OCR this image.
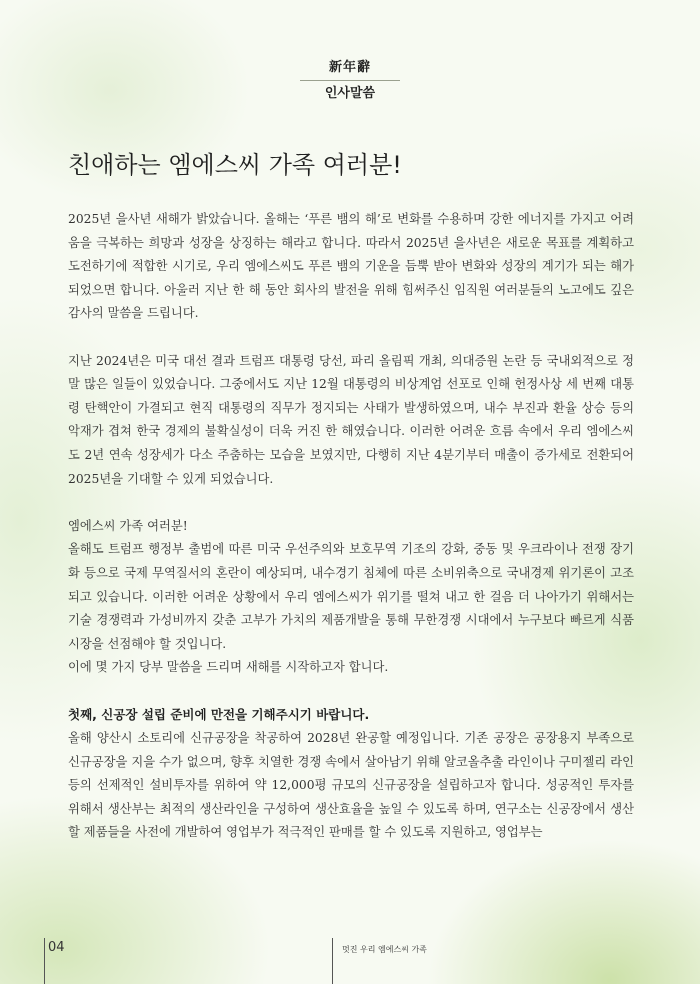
新年辭
인사말씀
친애하는 엠에스씨 가족 여러분!

2025년 을사년 새해가 밝았습니다. 올해는 ‘푸른 뱀의 해’로 변화를 수용하며 강한 에너지를 가지고 어려움을 극복하는 희망과 성장을 상징하는 해라고 합니다. 따라서 2025년 을사년은 새로운 목표를 계획하고 도전하기에 적합한 시기로, 우리 엠에스씨도 푸른 뱀의 기운을 듬뿍 받아 변화와 성장의 계기가 되는 해가 되었으면 합니다. 아울러 지난 한 해 동안 회사의 발전을 위해 힘써주신 임직원 여러분들의 노고에도 깊은 감사의 말씀을 드립니다.

지난 2024년은 미국 대선 결과 트럼프 대통령 당선, 파리 올림픽 개최, 의대증원 논란 등 국내외적으로 정말 많은 일들이 있었습니다. 그중에서도 지난 12월 대통령의 비상계엄 선포로 인해 헌정사상 세 번째 대통령 탄핵안이 가결되고 현직 대통령의 직무가 정지되는 사태가 발생하였으며, 내수 부진과 환율 상승 등의 악재가 겹쳐 한국 경제의 불확실성이 더욱 커진 한 해였습니다. 이러한 어려운 흐름 속에서 우리 엠에스씨도 2년 연속 성장세가 다소 주춤하는 모습을 보였지만, 다행히 지난 4분기부터 매출이 증가세로 전환되어 2025년을 기대할 수 있게 되었습니다.

엠에스씨 가족 여러분!

올해도 트럼프 행정부 출범에 따른 미국 우선주의와 보호무역 기조의 강화, 중동 및 우크라이나 전쟁 장기화 등으로 국제 무역질서의 혼란이 예상되며, 내수경기 침체에 따른 소비위축으로 국내경제 위기론이 고조되고 있습니다. 이러한 어려운 상황에서 우리 엠에스씨가 위기를 떨쳐 내고 한 걸음 더 나아가기 위해서는 기술 경쟁력과 가성비까지 갖춘 고부가 가치의 제품개발을 통해 무한경쟁 시대에서 누구보다 빠르게 식품시장을 선점해야 할 것입니다.

이에 몇 가지 당부 말씀을 드리며 새해를 시작하고자 합니다.

첫째, 신공장 설립 준비에 만전을 기해주시기 바랍니다.

올해 양산시 소토리에 신규공장을 착공하여 2028년 완공할 예정입니다. 기존 공장은 공장용지 부족으로 신규공장을 지을 수가 없으며, 향후 치열한 경쟁 속에서 살아남기 위해 알코올추출 라인이나 구미젤리 라인 등의 선제적인 설비투자를 위하여 약 12,000평 규모의 신규공장을 설립하고자 합니다. 성공적인 투자를 위해서 생산부는 최적의 생산라인을 구성하여 생산효율을 높일 수 있도록 하며, 연구소는 신공장에서 생산할 제품들을 사전에 개발하여 영업부가 적극적인 판매를 할 수 있도록 지원하고, 영업부는

04	멋진 우리 엠에스씨 가족
